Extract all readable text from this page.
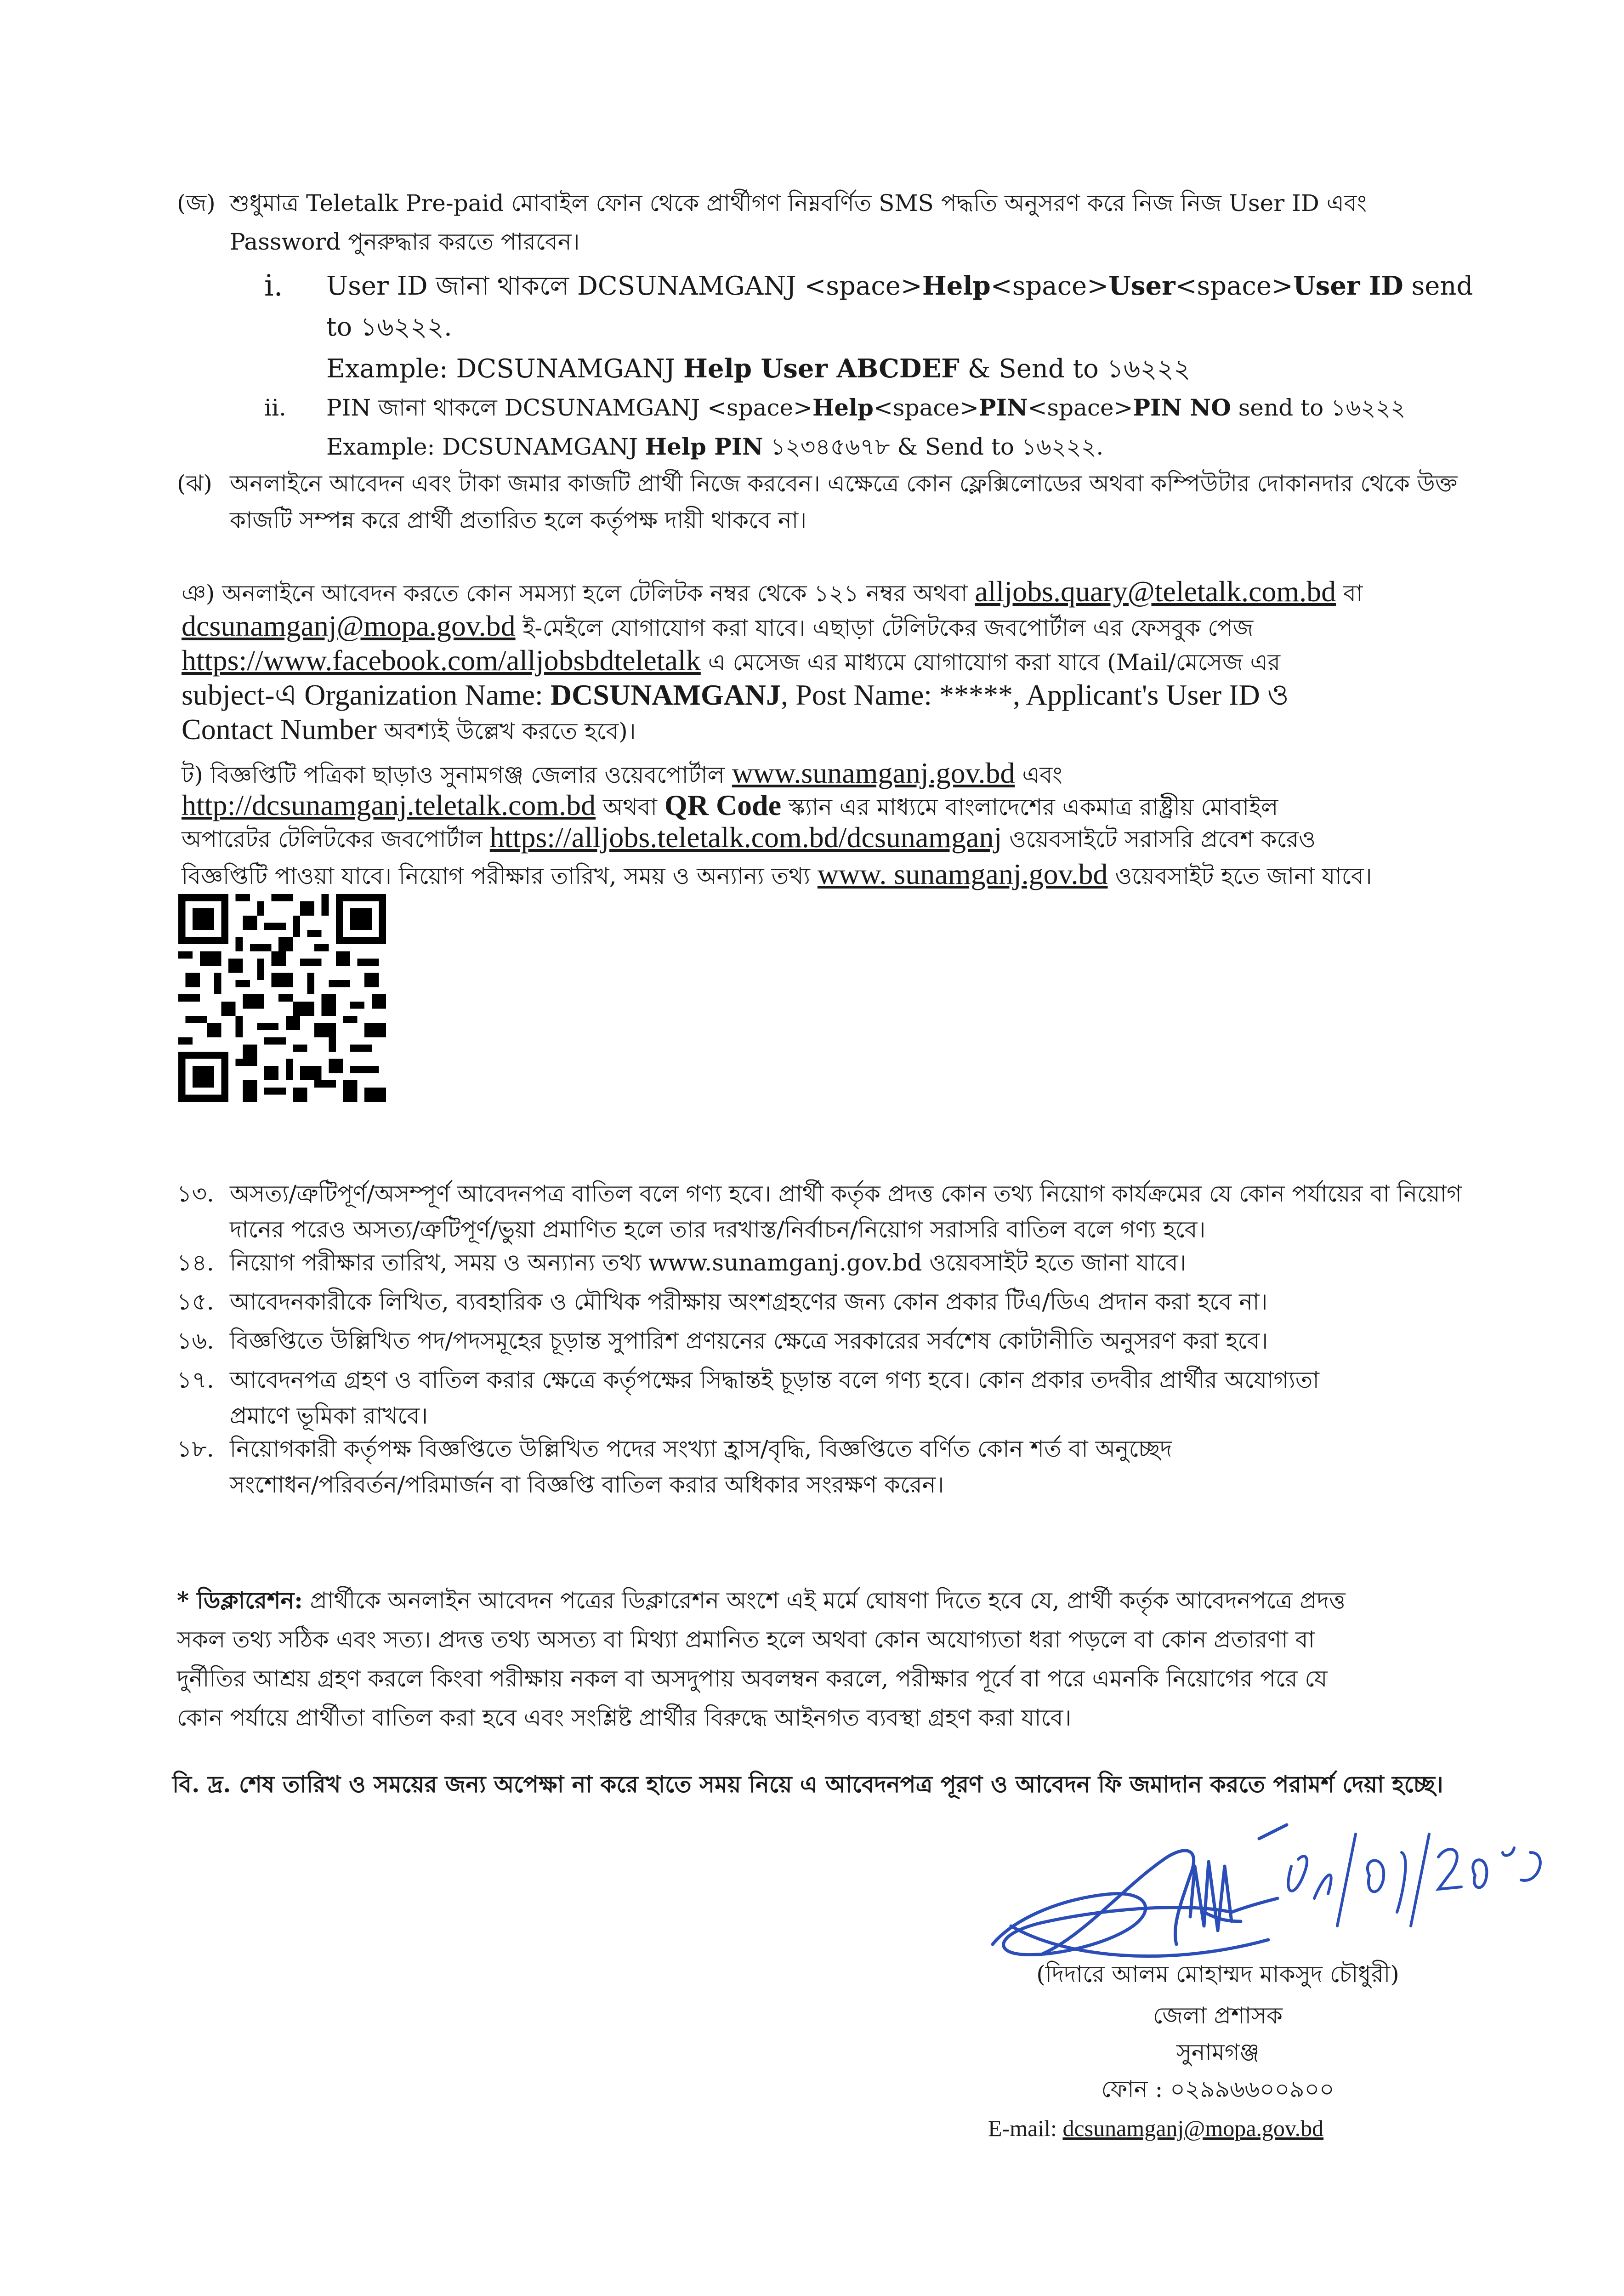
(জ) শুধুমাত্র Teletalk Pre-paid মোবাইল ফোন থেকে প্রার্থীগণ নিম্নবর্ণিত SMS পদ্ধতি অনুসরণ করে নিজ নিজ User ID এবং
Password পুনরুদ্ধার করতে পারবেন।
i. User ID জানা থাকলে DCSUNAMGANJ <space>Help<space>User<space>User ID send
to ১৬২২২.
Example: DCSUNAMGANJ Help User ABCDEF & Send to ১৬২২২
ii. PIN জানা থাকলে DCSUNAMGANJ <space>Help<space>PIN<space>PIN NO send to ১৬২২২
Example: DCSUNAMGANJ Help PIN ১২৩৪৫৬৭৮ & Send to ১৬২২২.
(ঝ) অনলাইনে আবেদন এবং টাকা জমার কাজটি প্রার্থী নিজে করবেন। এক্ষেত্রে কোন ফ্লেক্সিলোডের অথবা কম্পিউটার দোকানদার থেকে উক্ত
কাজটি সম্পন্ন করে প্রার্থী প্রতারিত হলে কর্তৃপক্ষ দায়ী থাকবে না।
ঞ) অনলাইনে আবেদন করতে কোন সমস্যা হলে টেলিটক নম্বর থেকে ১২১ নম্বর অথবা alljobs.quary@teletalk.com.bd বা
dcsunamganj@mopa.gov.bd ই-মেইলে যোগাযোগ করা যাবে। এছাড়া টেলিটকের জবপোর্টাল এর ফেসবুক পেজ
https://www.facebook.com/alljobsbdteletalk এ মেসেজ এর মাধ্যমে যোগাযোগ করা যাবে (Mail/মেসেজ এর
subject-এ Organization Name: DCSUNAMGANJ, Post Name: *****, Applicant's User ID ও
Contact Number অবশ্যই উল্লেখ করতে হবে)।
ট) বিজ্ঞপ্তিটি পত্রিকা ছাড়াও সুনামগঞ্জ জেলার ওয়েবপোর্টাল www.sunamganj.gov.bd এবং
http://dcsunamganj.teletalk.com.bd অথবা QR Code স্ক্যান এর মাধ্যমে বাংলাদেশের একমাত্র রাষ্ট্রীয় মোবাইল
অপারেটর টেলিটকের জবপোর্টাল https://alljobs.teletalk.com.bd/dcsunamganj ওয়েবসাইটে সরাসরি প্রবেশ করেও
বিজ্ঞপ্তিটি পাওয়া যাবে। নিয়োগ পরীক্ষার তারিখ, সময় ও অন্যান্য তথ্য www. sunamganj.gov.bd ওয়েবসাইট হতে জানা যাবে।
১৩. অসত্য/ত্রুটিপূর্ণ/অসম্পূর্ণ আবেদনপত্র বাতিল বলে গণ্য হবে। প্রার্থী কর্তৃক প্রদত্ত কোন তথ্য নিয়োগ কার্যক্রমের যে কোন পর্যায়ের বা নিয়োগ
দানের পরেও অসত্য/ত্রুটিপূর্ণ/ভুয়া প্রমাণিত হলে তার দরখাস্ত/নির্বাচন/নিয়োগ সরাসরি বাতিল বলে গণ্য হবে।
১৪. নিয়োগ পরীক্ষার তারিখ, সময় ও অন্যান্য তথ্য www.sunamganj.gov.bd ওয়েবসাইট হতে জানা যাবে।
১৫. আবেদনকারীকে লিখিত, ব্যবহারিক ও মৌখিক পরীক্ষায় অংশগ্রহণের জন্য কোন প্রকার টিএ/ডিএ প্রদান করা হবে না।
১৬. বিজ্ঞপ্তিতে উল্লিখিত পদ/পদসমূহের চূড়ান্ত সুপারিশ প্রণয়নের ক্ষেত্রে সরকারের সর্বশেষ কোটানীতি অনুসরণ করা হবে।
১৭. আবেদনপত্র গ্রহণ ও বাতিল করার ক্ষেত্রে কর্তৃপক্ষের সিদ্ধান্তই চূড়ান্ত বলে গণ্য হবে। কোন প্রকার তদবীর প্রার্থীর অযোগ্যতা
প্রমাণে ভূমিকা রাখবে।
১৮. নিয়োগকারী কর্তৃপক্ষ বিজ্ঞপ্তিতে উল্লিখিত পদের সংখ্যা হ্রাস/বৃদ্ধি, বিজ্ঞপ্তিতে বর্ণিত কোন শর্ত বা অনুচ্ছেদ
সংশোধন/পরিবর্তন/পরিমার্জন বা বিজ্ঞপ্তি বাতিল করার অধিকার সংরক্ষণ করেন।
* ডিক্লারেশন: প্রার্থীকে অনলাইন আবেদন পত্রের ডিক্লারেশন অংশে এই মর্মে ঘোষণা দিতে হবে যে, প্রার্থী কর্তৃক আবেদনপত্রে প্রদত্ত
সকল তথ্য সঠিক এবং সত্য। প্রদত্ত তথ্য অসত্য বা মিথ্যা প্রমানিত হলে অথবা কোন অযোগ্যতা ধরা পড়লে বা কোন প্রতারণা বা
দুর্নীতির আশ্রয় গ্রহণ করলে কিংবা পরীক্ষায় নকল বা অসদুপায় অবলম্বন করলে, পরীক্ষার পূর্বে বা পরে এমনকি নিয়োগের পরে যে
কোন পর্যায়ে প্রার্থীতা বাতিল করা হবে এবং সংশ্লিষ্ট প্রার্থীর বিরুদ্ধে আইনগত ব্যবস্থা গ্রহণ করা যাবে।
বি. দ্র. শেষ তারিখ ও সময়ের জন্য অপেক্ষা না করে হাতে সময় নিয়ে এ আবেদনপত্র পূরণ ও আবেদন ফি জমাদান করতে পরামর্শ দেয়া হচ্ছে।
(দিদারে আলম মোহাম্মদ মাকসুদ চৌধুরী)
জেলা প্রশাসক
সুনামগঞ্জ
ফোন : ০২৯৯৬৬০০৯০০
E-mail: dcsunamganj@mopa.gov.bd
